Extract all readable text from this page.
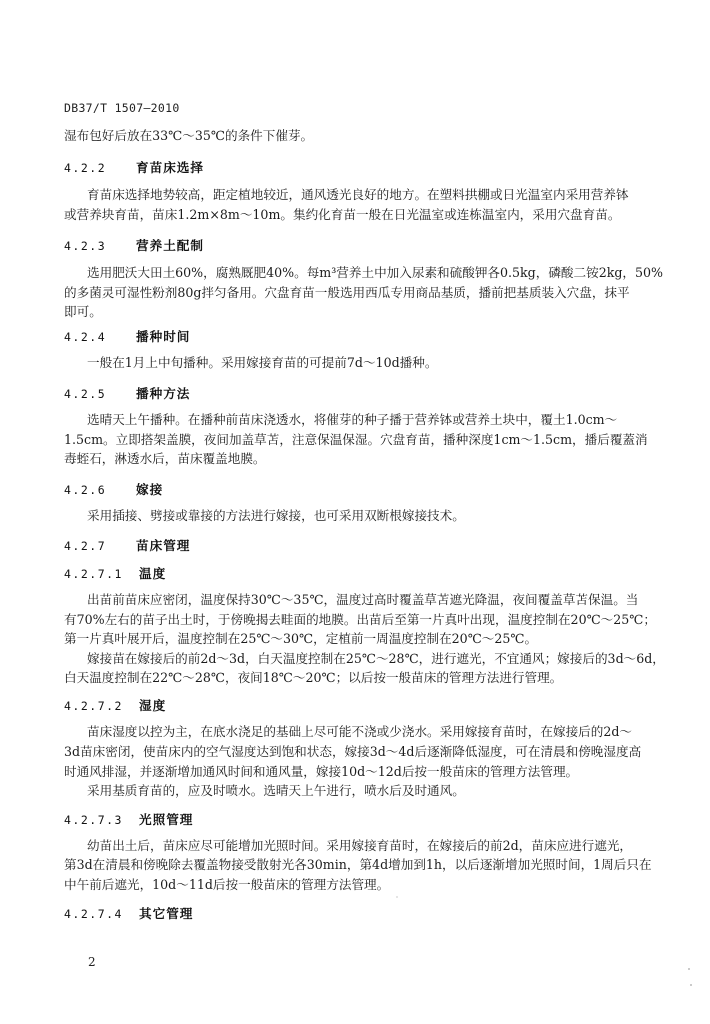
DB37/T 1507—2010
湿布包好后放在33℃～35℃的条件下催芽。
4.2.2 育苗床选择
育苗床选择地势较高，距定植地较近，通风透光良好的地方。在塑料拱棚或日光温室内采用营养钵
或营养块育苗，苗床1.2m×8m～10m。集约化育苗一般在日光温室或连栋温室内，采用穴盘育苗。
4.2.3 营养土配制
选用肥沃大田土60%，腐熟厩肥40%。每m³营养土中加入尿素和硫酸钾各0.5kg，磷酸二铵2kg，50%
的多菌灵可湿性粉剂80g拌匀备用。穴盘育苗一般选用西瓜专用商品基质，播前把基质装入穴盘，抹平
即可。
4.2.4 播种时间
一般在1月上中旬播种。采用嫁接育苗的可提前7d～10d播种。
4.2.5 播种方法
选晴天上午播种。在播种前苗床浇透水，将催芽的种子播于营养钵或营养土块中，覆土1.0cm～
1.5cm。立即搭架盖膜，夜间加盖草苫，注意保温保湿。穴盘育苗，播种深度1cm～1.5cm，播后覆蓋消
毒蛭石，淋透水后，苗床覆盖地膜。
4.2.6 嫁接
采用插接、劈接或靠接的方法进行嫁接，也可采用双断根嫁接技术。
4.2.7 苗床管理
4.2.7.1 温度
出苗前苗床应密闭，温度保持30℃～35℃，温度过高时覆盖草苫遮光降温，夜间覆盖草苫保温。当
有70%左右的苗子出土时，于傍晚揭去畦面的地膜。出苗后至第一片真叶出现，温度控制在20℃～25℃；
第一片真叶展开后，温度控制在25℃～30℃，定植前一周温度控制在20℃～25℃。
嫁接苗在嫁接后的前2d～3d，白天温度控制在25℃～28℃，进行遮光，不宜通风；嫁接后的3d～6d，
白天温度控制在22℃～28℃，夜间18℃～20℃；以后按一般苗床的管理方法进行管理。
4.2.7.2 湿度
苗床湿度以控为主，在底水浇足的基础上尽可能不浇或少浇水。采用嫁接育苗时，在嫁接后的2d～
3d苗床密闭，使苗床内的空气湿度达到饱和状态，嫁接3d～4d后逐渐降低湿度，可在清晨和傍晚湿度高
时通风排湿，并逐渐增加通风时间和通风量，嫁接10d～12d后按一般苗床的管理方法管理。
采用基质育苗的，应及时喷水。选晴天上午进行，喷水后及时通风。
4.2.7.3 光照管理
幼苗出土后，苗床应尽可能增加光照时间。采用嫁接育苗时，在嫁接后的前2d，苗床应进行遮光，
第3d在清晨和傍晚除去覆盖物接受散射光各30min，第4d增加到1h，以后逐渐增加光照时间，1周后只在
中午前后遮光，10d～11d后按一般苗床的管理方法管理。
4.2.7.4 其它管理
2
